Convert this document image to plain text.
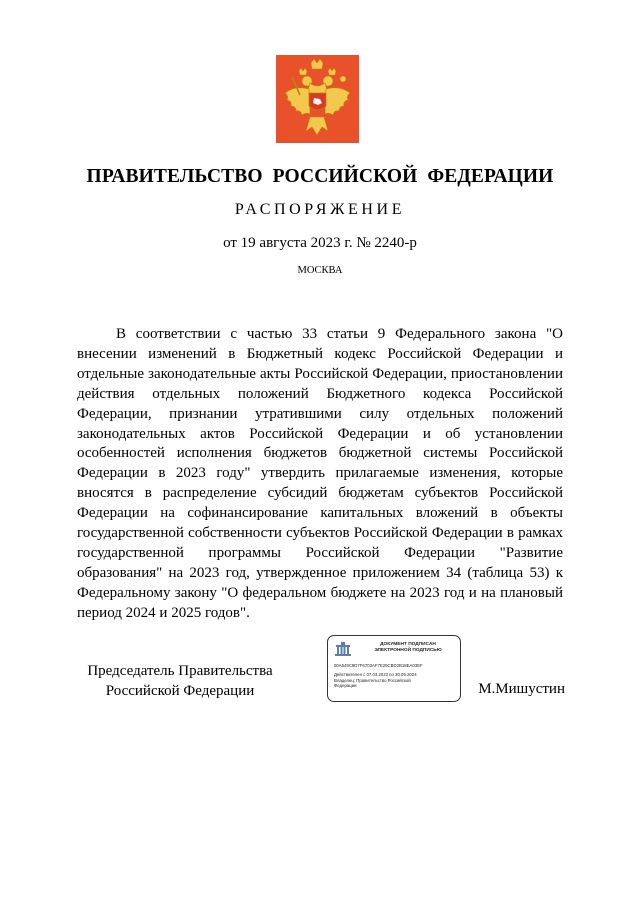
ПРАВИТЕЛЬСТВО РОССИЙСКОЙ ФЕДЕРАЦИИ
РАСПОРЯЖЕНИЕ
от 19 августа 2023 г. № 2240-р
МОСКВА
В соответствии с частью 33 статьи 9 Федерального закона "О внесении изменений в Бюджетный кодекс Российской Федерации и отдельные законодательные акты Российской Федерации, приостановлении действия отдельных положений Бюджетного кодекса Российской Федерации, признании утратившими силу отдельных положений законодательных актов Российской Федерации и об установлении особенностей исполнения бюджетов бюджетной системы Российской Федерации в 2023 году" утвердить прилагаемые изменения, которые вносятся в распределение субсидий бюджетам субъектов Российской Федерации на софинансирование капитальных вложений в объекты государственной собственности субъектов Российской Федерации в рамках государственной программы Российской Федерации "Развитие образования" на 2023 год, утвержденное приложением 34 (таблица 53) к Федеральному закону "О федеральном бюджете на 2023 год и на плановый период 2024 и 2025 годов".
Председатель Правительства
Российской Федерации
ДОКУМЕНТ ПОДПИСАН
ЭЛЕКТРОННОЙ ПОДПИСЬЮ
00A549C9D7F6703AF7E29CBD2B18EA03EF
Действителен с 07.03.2023 по 30.05.2024
Владелец: Правительство Российской Федерации	М.Мишустин
